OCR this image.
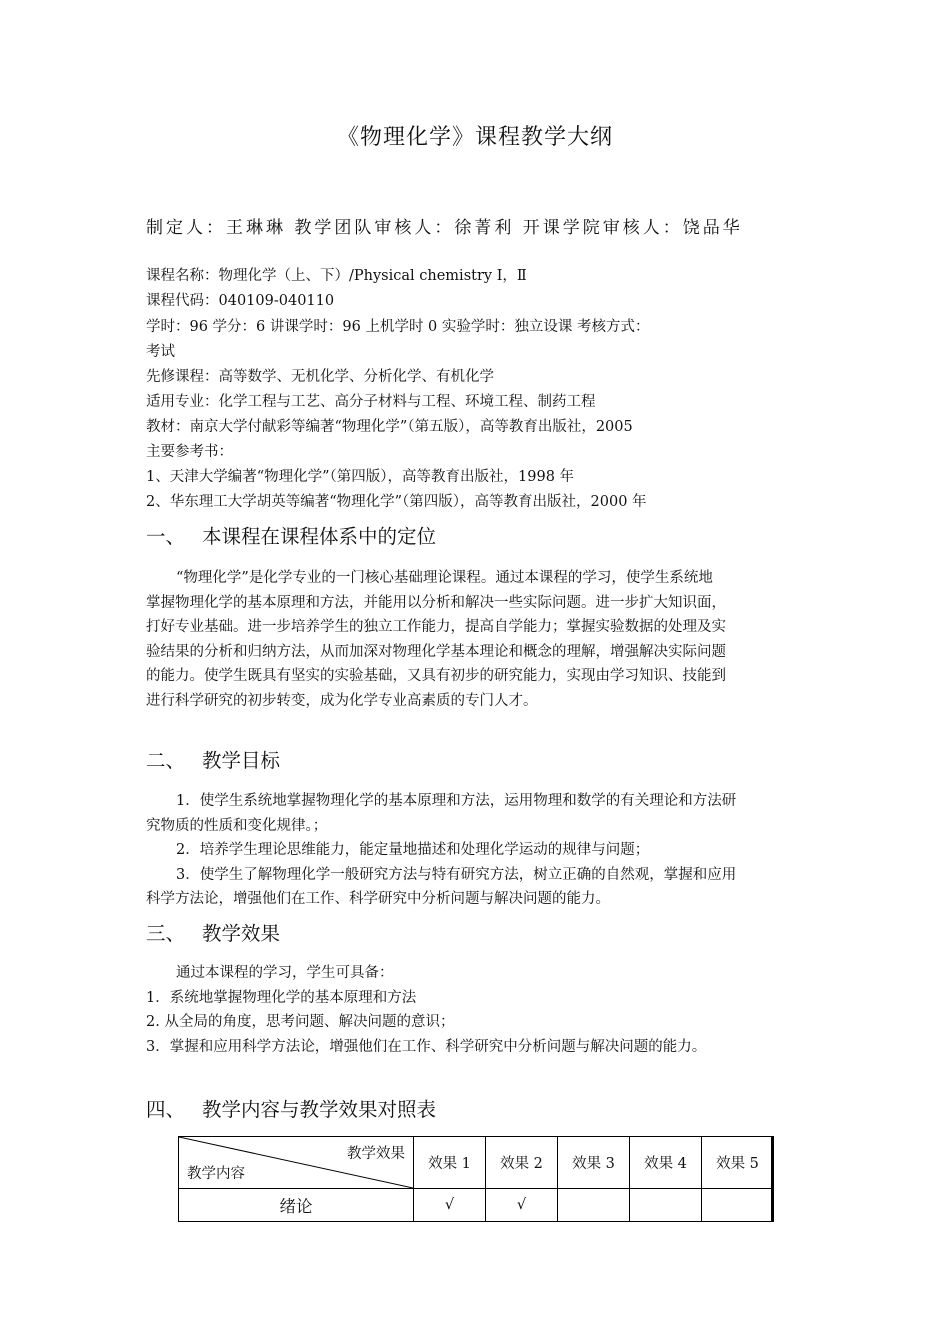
《物理化学》课程教学大纲
制定人：王琳琳 教学团队审核人：徐菁利 开课学院审核人：饶品华
课程名称：物理化学（上、下）/Physical chemistry Ⅰ，Ⅱ
课程代码：040109-040110
学时：96 学分：6 讲课学时：96 上机学时 0 实验学时：独立设课 考核方式：
考试
先修课程：高等数学、无机化学、分析化学、有机化学
适用专业：化学工程与工艺、高分子材料与工程、环境工程、制药工程
教材：南京大学付献彩等编著“物理化学”（第五版），高等教育出版社，2005
主要参考书：
1、天津大学编著“物理化学”（第四版），高等教育出版社，1998 年
2、华东理工大学胡英等编著“物理化学”（第四版），高等教育出版社，2000 年
一、 本课程在课程体系中的定位
“物理化学”是化学专业的一门核心基础理论课程。通过本课程的学习，使学生系统地
掌握物理化学的基本原理和方法，并能用以分析和解决一些实际问题。进一步扩大知识面，
打好专业基础。进一步培养学生的独立工作能力，提高自学能力；掌握实验数据的处理及实
验结果的分析和归纳方法，从而加深对物理化学基本理论和概念的理解，增强解决实际问题
的能力。使学生既具有坚实的实验基础，又具有初步的研究能力，实现由学习知识、技能到
进行科学研究的初步转变，成为化学专业高素质的专门人才。
二、 教学目标
1．使学生系统地掌握物理化学的基本原理和方法，运用物理和数学的有关理论和方法研
究物质的性质和变化规律。；
2．培养学生理论思维能力，能定量地描述和处理化学运动的规律与问题；
3．使学生了解物理化学一般研究方法与特有研究方法，树立正确的自然观，掌握和应用
科学方法论，增强他们在工作、科学研究中分析问题与解决问题的能力。
三、 教学效果
通过本课程的学习，学生可具备：
1．系统地掌握物理化学的基本原理和方法
2. 从全局的角度，思考问题、解决问题的意识；
3．掌握和应用科学方法论，增强他们在工作、科学研究中分析问题与解决问题的能力。
四、 教学内容与教学效果对照表
教学效果
教学内容	效果 1	效果 2	效果 3	效果 4	效果 5
绪论	√	√			
